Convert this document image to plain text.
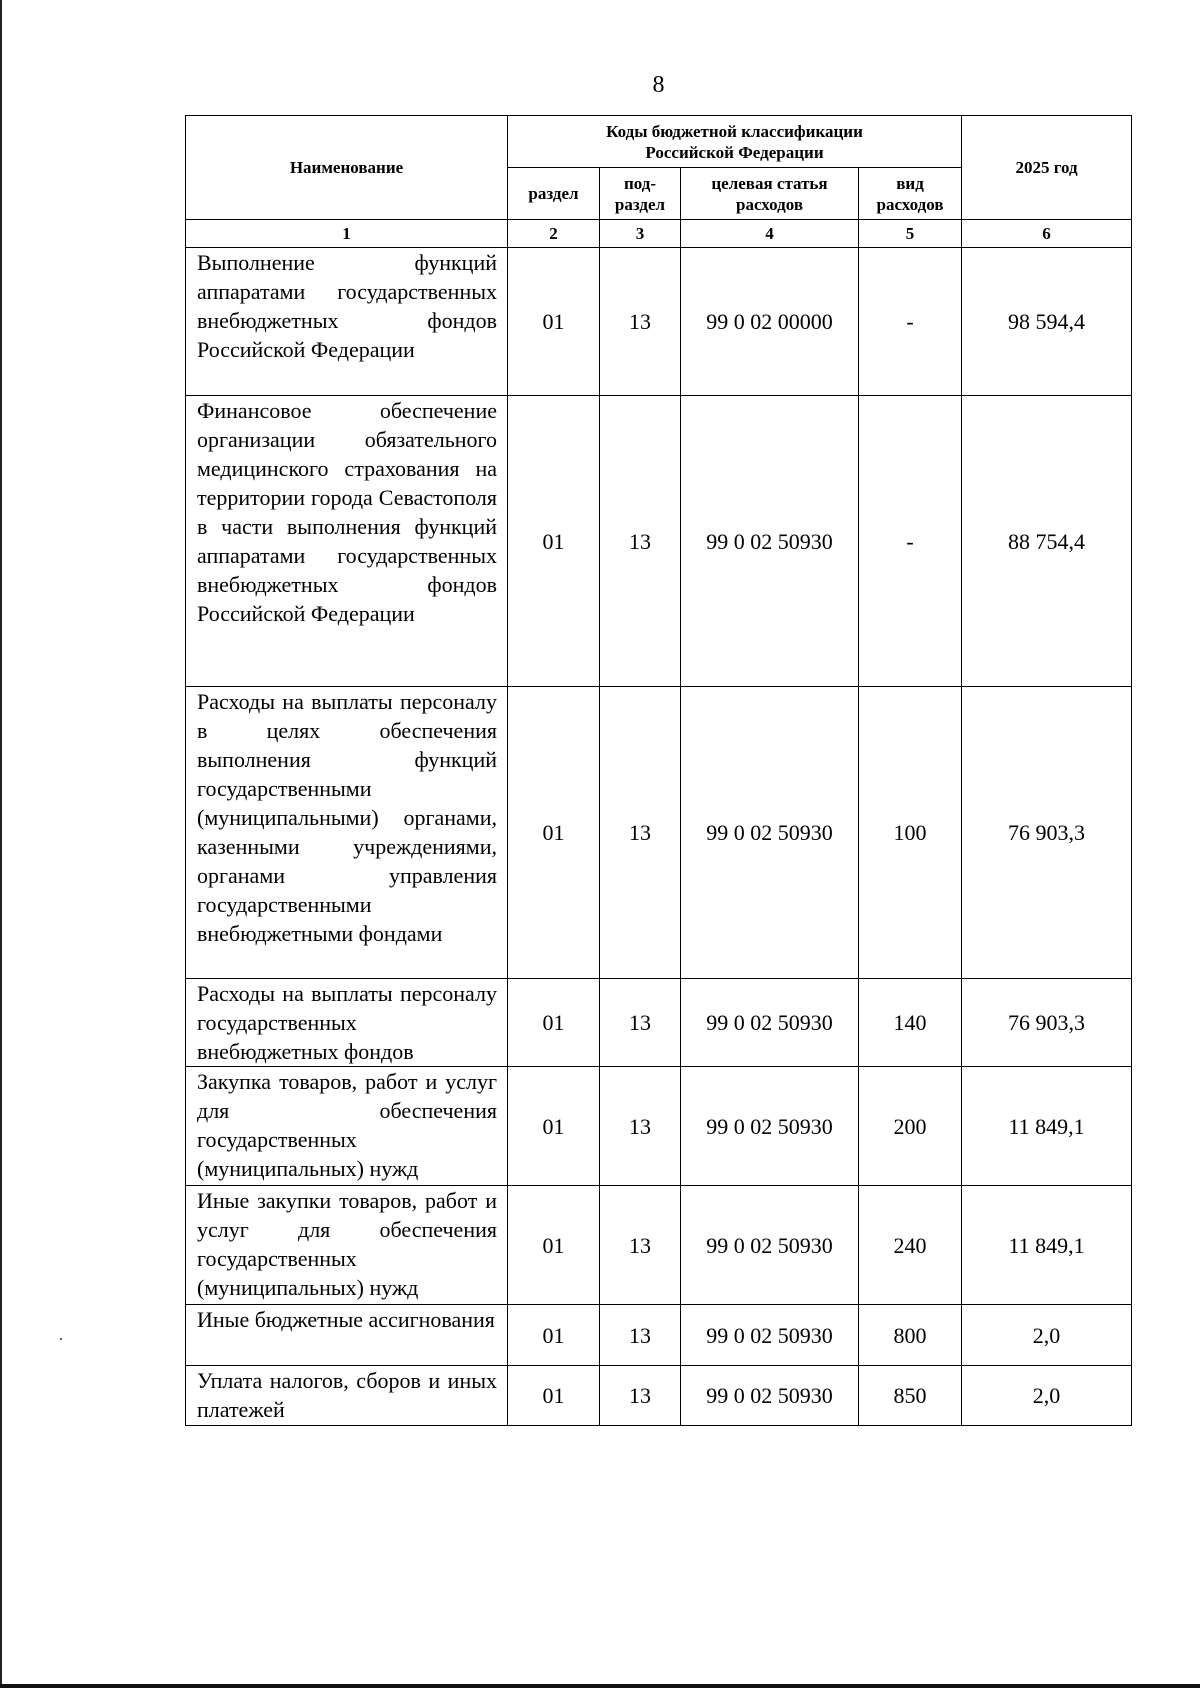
8
Наименование	Коды бюджетной классификации Российской Федерации				2025 год
	раздел	под-раздел	целевая статья расходов	вид расходов	
1	2	3	4	5	6
Выполнение функций аппаратами государственных внебюджетных фондов Российской Федерации	01	13	99 0 02 00000	-	98 594,4
Финансовое обеспечение организации обязательного медицинского страхования на территории города Севастополя в части выполнения функций аппаратами государственных внебюджетных фондов Российской Федерации	01	13	99 0 02 50930	-	88 754,4
Расходы на выплаты персоналу в целях обеспечения выполнения функций государственными (муниципальными) органами, казенными учреждениями, органами управления государственными внебюджетными фондами	01	13	99 0 02 50930	100	76 903,3
Расходы на выплаты персоналу государственных внебюджетных фондов	01	13	99 0 02 50930	140	76 903,3
Закупка товаров, работ и услуг для обеспечения государственных (муниципальных) нужд	01	13	99 0 02 50930	200	11 849,1
Иные закупки товаров, работ и услуг для обеспечения государственных (муниципальных) нужд	01	13	99 0 02 50930	240	11 849,1
Иные бюджетные ассигнования	01	13	99 0 02 50930	800	2,0
Уплата налогов, сборов и иных платежей	01	13	99 0 02 50930	850	2,0
